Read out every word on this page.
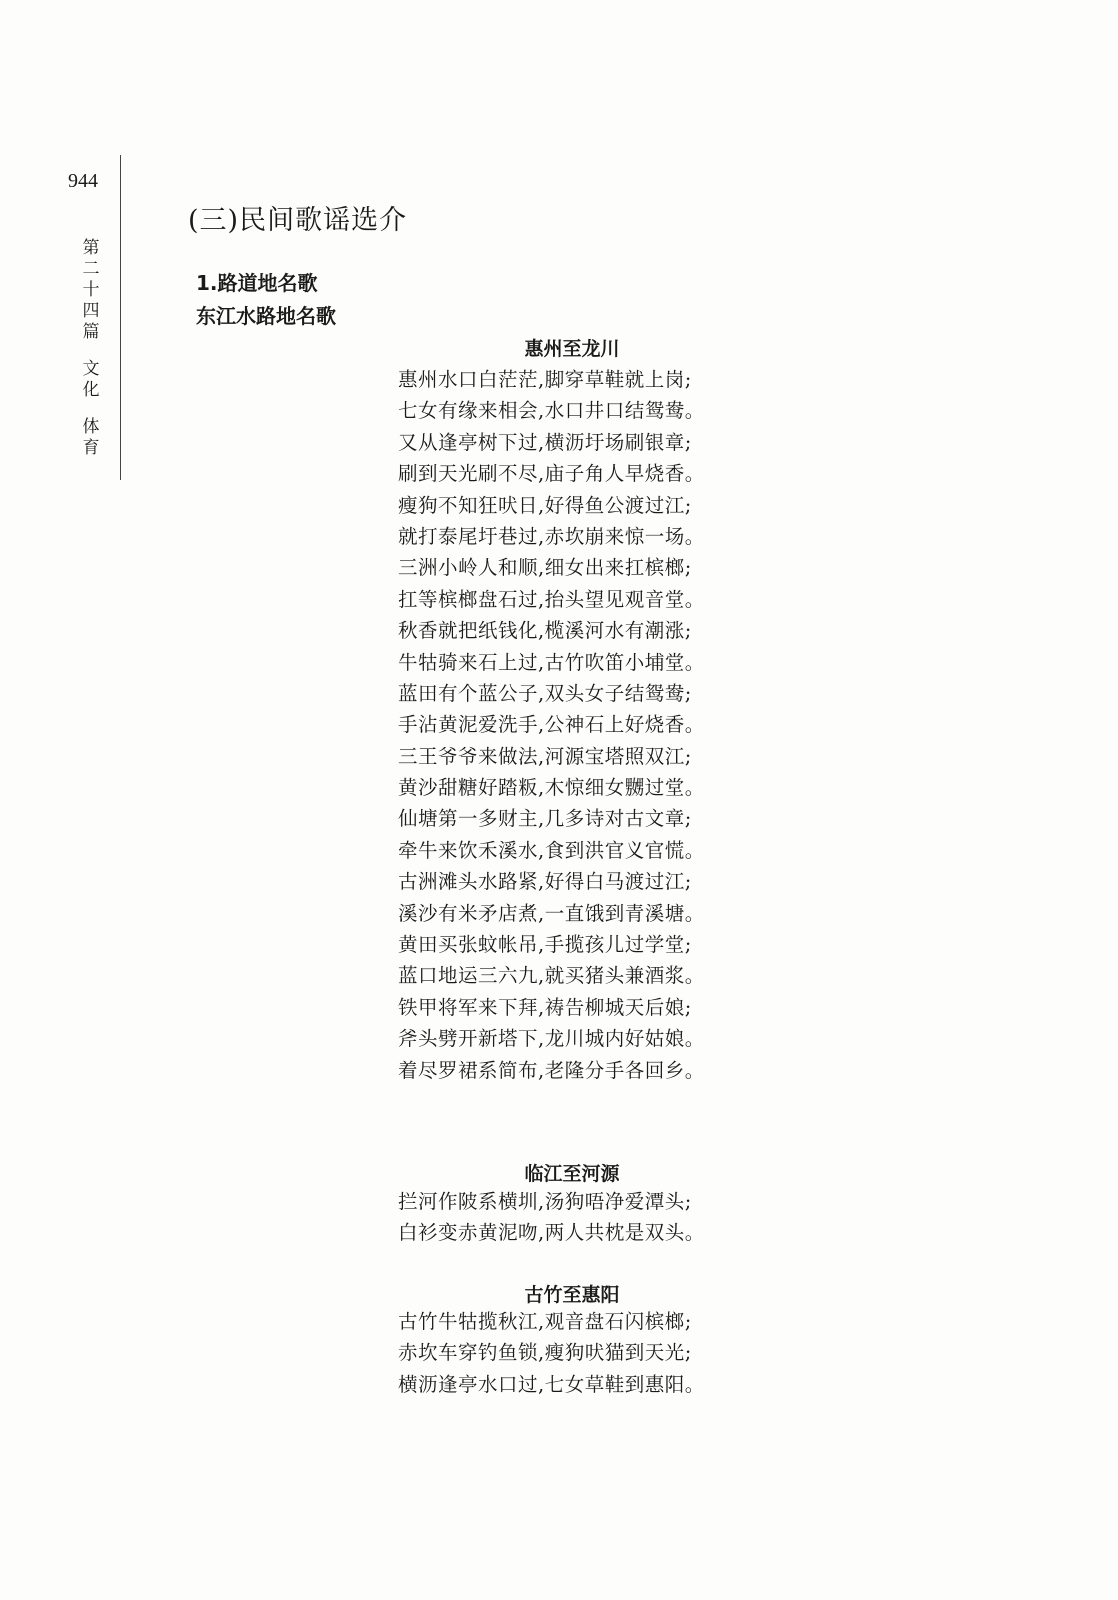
944
第
二
十
四
篇
文
化
体
育
(三)民间歌谣选介
1.路道地名歌
东江水路地名歌
惠州至龙川
惠州水口白茫茫,脚穿草鞋就上岗;
七女有缘来相会,水口井口结鸳鸯。
又从逢亭树下过,横沥圩场刷银章;
刷到天光刷不尽,庙子角人早烧香。
瘦狗不知狂吠日,好得鱼公渡过江;
就打泰尾圩巷过,赤坎崩来惊一场。
三洲小岭人和顺,细女出来扛槟榔;
扛等槟榔盘石过,抬头望见观音堂。
秋香就把纸钱化,榄溪河水有潮涨;
牛牯骑来石上过,古竹吹笛小埔堂。
蓝田有个蓝公子,双头女子结鸳鸯;
手沾黄泥爱洗手,公神石上好烧香。
三王爷爷来做法,河源宝塔照双江;
黄沙甜糖好踏粄,木惊细女嬲过堂。
仙塘第一多财主,几多诗对古文章;
牵牛来饮禾溪水,食到洪官义官慌。
古洲滩头水路紧,好得白马渡过江;
溪沙有米矛店煮,一直饿到青溪塘。
黄田买张蚊帐吊,手揽孩儿过学堂;
蓝口地运三六九,就买猪头兼酒浆。
铁甲将军来下拜,祷告柳城天后娘;
斧头劈开新塔下,龙川城内好姑娘。
着尽罗裙系简布,老隆分手各回乡。
临江至河源
拦河作陂系横圳,汤狗唔净爱潭头;
白衫变赤黄泥吻,两人共枕是双头。
古竹至惠阳
古竹牛牯揽秋江,观音盘石闪槟榔;
赤坎车穿钓鱼锁,瘦狗吠猫到天光;
横沥逢亭水口过,七女草鞋到惠阳。
